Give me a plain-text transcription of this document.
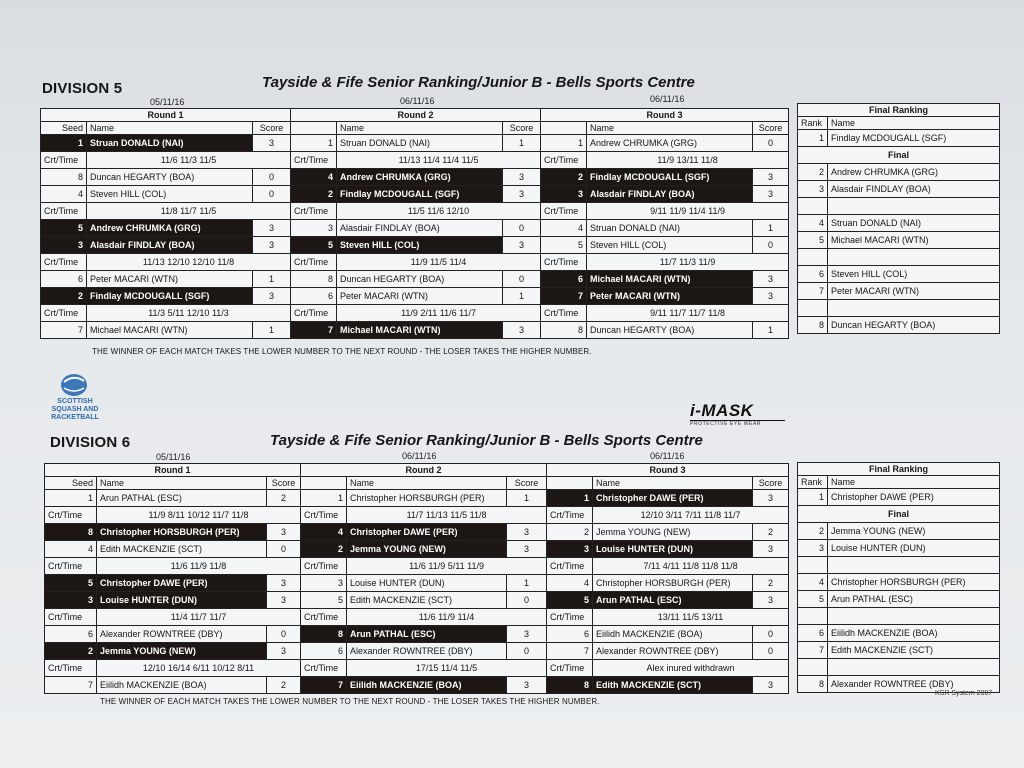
DIVISION 5	Tayside & Fife Senior Ranking/Junior B - Bells Sports Centre
05/11/16	06/11/16	06/11/16
Round 1			Round 2			Round 3		
Seed	Name	Score		Name	Score		Name	Score
1	Struan DONALD (NAI)	3	1	Struan DONALD (NAI)	1	1	Andrew CHRUMKA (GRG)	0
Crt/Time	11/6 11/3 11/5		Crt/Time	11/13 11/4 11/4 11/5		Crt/Time	11/9 13/11 11/8	
8	Duncan HEGARTY (BOA)	0	4	Andrew CHRUMKA (GRG)	3	2	Findlay MCDOUGALL (SGF)	3
4	Steven HILL (COL)	0	2	Findlay MCDOUGALL (SGF)	3	3	Alasdair FINDLAY (BOA)	3
Crt/Time	11/8 11/7 11/5		Crt/Time	11/5 11/6 12/10		Crt/Time	9/11 11/9 11/4 11/9	
5	Andrew CHRUMKA (GRG)	3	3	Alasdair FINDLAY (BOA)	0	4	Struan DONALD (NAI)	1
3	Alasdair FINDLAY (BOA)	3	5	Steven HILL (COL)	3	5	Steven HILL (COL)	0
Crt/Time	11/13 12/10 12/10 11/8		Crt/Time	11/9 11/5 11/4		Crt/Time	11/7 11/3 11/9	
6	Peter MACARI (WTN)	1	8	Duncan HEGARTY (BOA)	0	6	Michael MACARI (WTN)	3
2	Findlay MCDOUGALL (SGF)	3	6	Peter MACARI (WTN)	1	7	Peter MACARI (WTN)	3
Crt/Time	11/3 5/11 12/10 11/3		Crt/Time	11/9 2/11 11/6 11/7		Crt/Time	9/11 11/7 11/7 11/8	
7	Michael MACARI (WTN)	1	7	Michael MACARI (WTN)	3	8	Duncan HEGARTY (BOA)	1
Final Ranking	
Rank	Name
1	Findlay MCDOUGALL (SGF)
Final	
2	Andrew CHRUMKA (GRG)
3	Alasdair FINDLAY (BOA)

4	Struan DONALD (NAI)
5	Michael MACARI (WTN)

6	Steven HILL (COL)
7	Peter MACARI (WTN)

8	Duncan HEGARTY (BOA)
THE WINNER OF EACH MATCH TAKES THE LOWER NUMBER TO THE NEXT ROUND - THE LOSER TAKES THE HIGHER NUMBER.
SCOTTISH
SQUASH AND
RACKETBALL	i-MASK
PROTECTIVE EYE WEAR
DIVISION 6	Tayside & Fife Senior Ranking/Junior B - Bells Sports Centre
05/11/16	06/11/16	06/11/16
Round 1			Round 2			Round 3		
Seed	Name	Score		Name	Score		Name	Score
1	Arun PATHAL (ESC)	2	1	Christopher HORSBURGH (PER)	1	1	Christopher DAWE (PER)	3
Crt/Time	11/9 8/11 10/12 11/7 11/8		Crt/Time	11/7 11/13 11/5 11/8		Crt/Time	12/10 3/11 7/11 11/8 11/7	
8	Christopher HORSBURGH (PER)	3	4	Christopher DAWE (PER)	3	2	Jemma YOUNG (NEW)	2
4	Edith MACKENZIE (SCT)	0	2	Jemma YOUNG (NEW)	3	3	Louise HUNTER (DUN)	3
Crt/Time	11/6 11/9 11/8		Crt/Time	11/6 11/9 5/11 11/9		Crt/Time	7/11 4/11 11/8 11/8 11/8	
5	Christopher DAWE (PER)	3	3	Louise HUNTER (DUN)	1	4	Christopher HORSBURGH (PER)	2
3	Louise HUNTER (DUN)	3	5	Edith MACKENZIE (SCT)	0	5	Arun PATHAL (ESC)	3
Crt/Time	11/4 11/7 11/7		Crt/Time	11/6 11/9 11/4		Crt/Time	13/11 11/5 13/11	
6	Alexander ROWNTREE (DBY)	0	8	Arun PATHAL (ESC)	3	6	Eiilidh MACKENZIE (BOA)	0
2	Jemma YOUNG (NEW)	3	6	Alexander ROWNTREE (DBY)	0	7	Alexander ROWNTREE (DBY)	0
Crt/Time	12/10 16/14 6/11 10/12 8/11		Crt/Time	17/15 11/4 11/5		Crt/Time	Alex inured withdrawn	
7	Eiilidh MACKENZIE (BOA)	2	7	Eiilidh MACKENZIE (BOA)	3	8	Edith MACKENZIE (SCT)	3
Final Ranking	
Rank	Name
1	Christopher DAWE (PER)
Final	
2	Jemma YOUNG (NEW)
3	Louise HUNTER (DUN)

4	Christopher HORSBURGH (PER)
5	Arun PATHAL (ESC)

6	Eiilidh MACKENZIE (BOA)
7	Edith MACKENZIE (SCT)

8	Alexander ROWNTREE (DBY)
THE WINNER OF EACH MATCH TAKES THE LOWER NUMBER TO THE NEXT ROUND - THE LOSER TAKES THE HIGHER NUMBER.
KSR System 2007
